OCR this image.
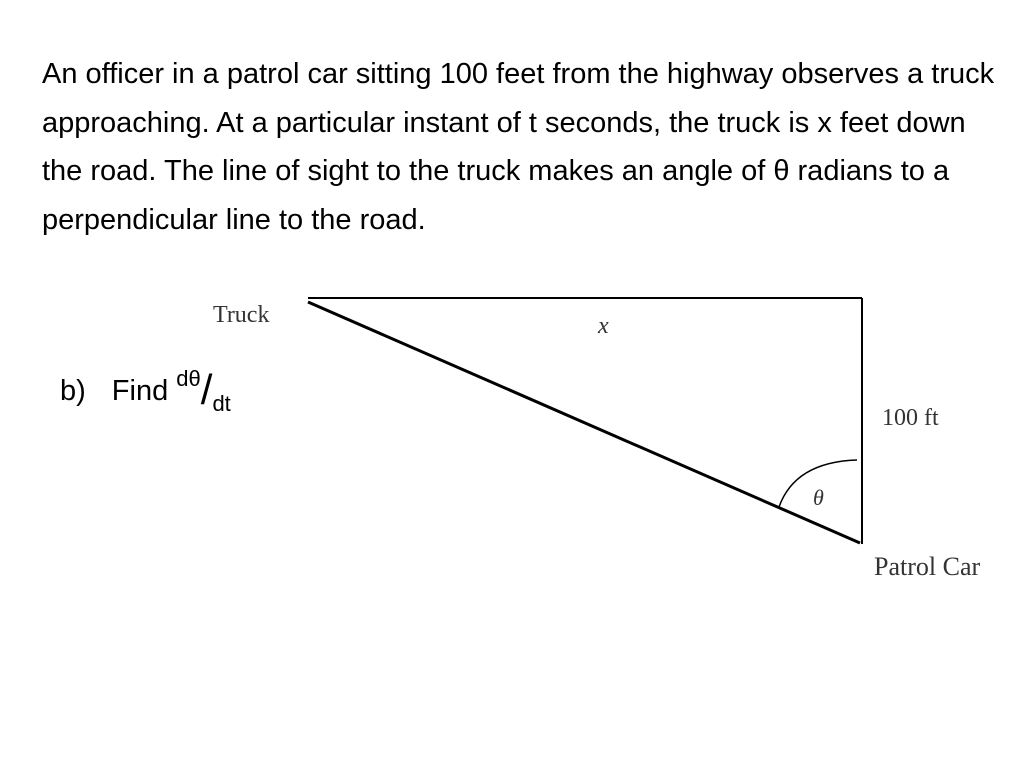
An officer in a patrol car sitting 100 feet from the highway observes a truck approaching. At a particular instant of t seconds, the truck is x feet down the road. The line of sight to the truck makes an angle of θ radians to a perpendicular line to the road.

b) Find $^{d\theta}/_{dt}$
Truck	x
100 ft
θ
Patrol Car
